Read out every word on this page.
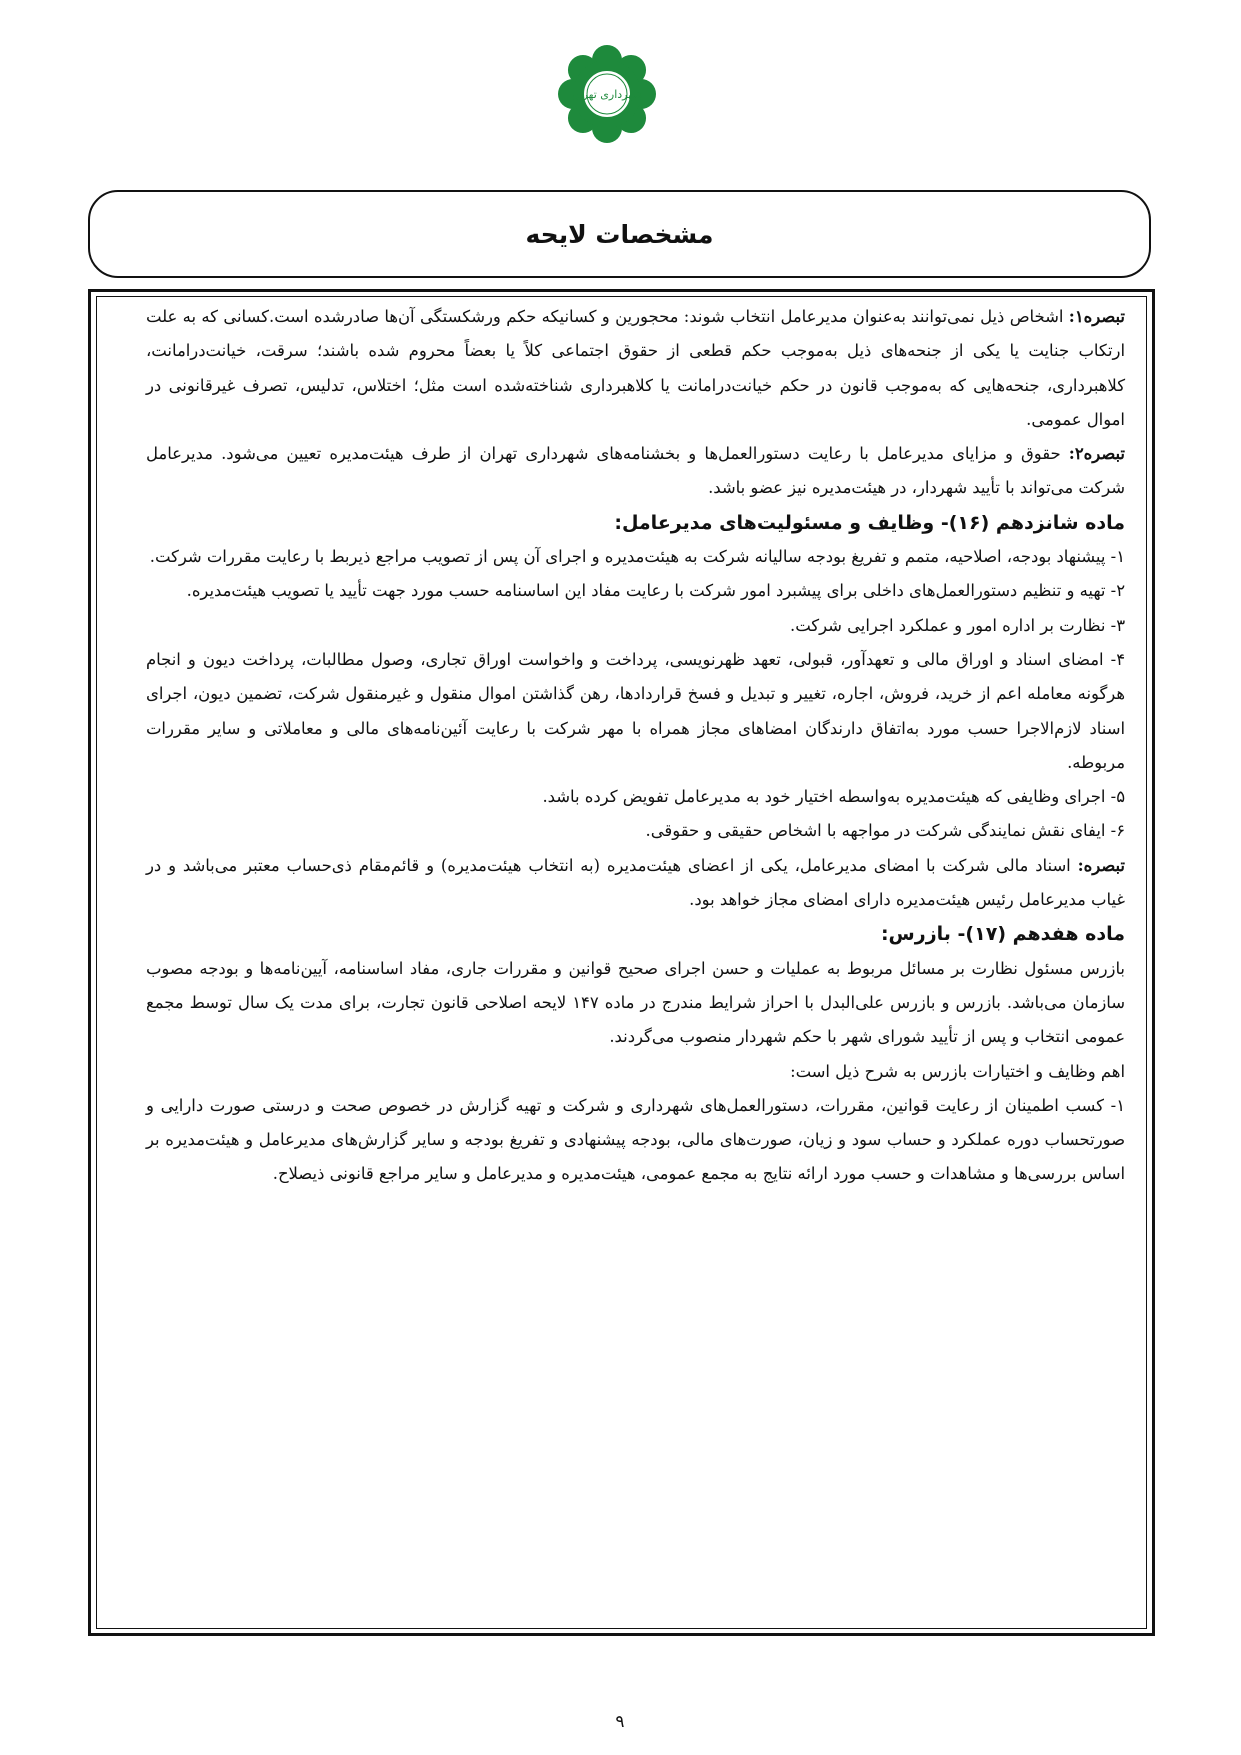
شهرداری تهران
مشخصات لایحه

تبصره۱: اشخاص ذیل نمی‌توانند به‌عنوان مدیرعامل انتخاب شوند: محجورین و کسانیکه حکم ورشکستگی آن‌ها صادرشده است.کسانی که به علت ارتکاب جنایت یا یکی از جنحه‌های ذیل به‌موجب حکم قطعی از حقوق اجتماعی کلاً یا بعضاً محروم شده باشند؛ سرقت، خیانت‌درامانت، کلاهبرداری، جنحه‌هایی که به‌موجب قانون در حکم خیانت‌درامانت یا کلاهبرداری شناخته‌شده است مثل؛ اختلاس، تدلیس، تصرف غیرقانونی در اموال عمومی.

تبصره۲: حقوق و مزایای مدیرعامل با رعایت دستورالعمل‌ها و بخشنامه‌های شهرداری تهران از طرف هیئت‌مدیره تعیین می‌شود. مدیرعامل شرکت می‌تواند با تأیید شهردار، در هیئت‌مدیره نیز عضو باشد.

ماده شانزدهم (۱۶)- وظایف و مسئولیت‌های مدیرعامل:

۱- پیشنهاد بودجه، اصلاحیه، متمم و تفریغ بودجه سالیانه شرکت به هیئت‌مدیره و اجرای آن پس از تصویب مراجع ذیربط با رعایت مقررات شرکت.

۲- تهیه و تنظیم دستورالعمل‌های داخلی برای پیشبرد امور شرکت با رعایت مفاد این اساسنامه حسب مورد جهت تأیید یا تصویب هیئت‌مدیره.

۳- نظارت بر اداره امور و عملکرد اجرایی شرکت.

۴- امضای اسناد و اوراق مالی و تعهدآور، قبولی، تعهد ظهرنویسی، پرداخت و واخواست اوراق تجاری، وصول مطالبات، پرداخت دیون و انجام هرگونه معامله اعم از خرید، فروش، اجاره، تغییر و تبدیل و فسخ قراردادها، رهن گذاشتن اموال منقول و غیرمنقول شرکت، تضمین دیون، اجرای اسناد لازم‌الاجرا حسب مورد به‌اتفاق دارندگان امضاهای مجاز همراه با مهر شرکت با رعایت آئین‌نامه‌های مالی و معاملاتی و سایر مقررات مربوطه.

۵- اجرای وظایفی که هیئت‌مدیره به‌واسطه اختیار خود به مدیرعامل تفویض کرده باشد.

۶- ایفای نقش نمایندگی شرکت در مواجهه با اشخاص حقیقی و حقوقی.

تبصره: اسناد مالی شرکت با امضای مدیرعامل، یکی از اعضای هیئت‌مدیره (به انتخاب هیئت‌مدیره) و قائم‌مقام ذی‌حساب معتبر می‌باشد و در غیاب مدیرعامل رئیس هیئت‌مدیره دارای امضای مجاز خواهد بود.

ماده هفدهم (۱۷)- بازرس:

بازرس مسئول نظارت بر مسائل مربوط به عملیات و حسن اجرای صحیح قوانین و مقررات جاری، مفاد اساسنامه، آیین‌نامه‌ها و بودجه مصوب سازمان می‌باشد. بازرس و بازرس علی‌البدل با احراز شرایط مندرج در ماده ۱۴۷ لایحه اصلاحی قانون تجارت، برای مدت یک سال توسط مجمع عمومی انتخاب و پس از تأیید شورای شهر با حکم شهردار منصوب می‌گردند.

اهم وظایف و اختیارات بازرس به شرح ذیل است:

۱- کسب اطمینان از رعایت قوانین، مقررات، دستورالعمل‌های شهرداری و شرکت و تهیه گزارش در خصوص صحت و درستی صورت دارایی و صورتحساب دوره عملکرد و حساب سود و زیان، صورت‌های مالی، بودجه پیشنهادی و تفریغ بودجه و سایر گزارش‌های مدیرعامل و هیئت‌مدیره بر اساس بررسی‌ها و مشاهدات و حسب مورد ارائه نتایج به مجمع عمومی، هیئت‌مدیره و مدیرعامل و سایر مراجع قانونی ذیصلاح.

۹
